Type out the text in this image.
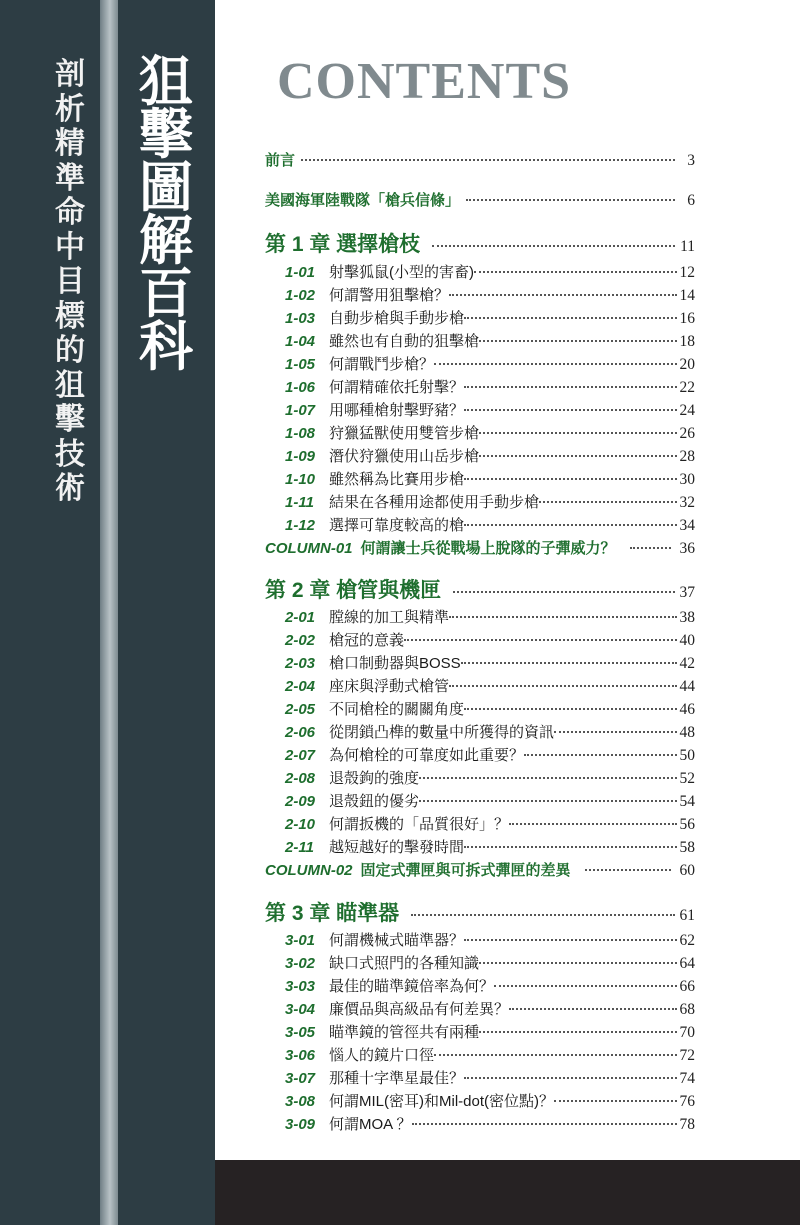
剖析精準命中目標的狙擊技術
狙擊圖解百科
CONTENTS
前言	3
美國海軍陸戰隊「槍兵信條」	6
第 1 章 選擇槍枝	11
1-01 射擊狐鼠(小型的害畜)	12
1-02 何謂警用狙擊槍？	14
1-03 自動步槍與手動步槍	16
1-04 雖然也有自動的狙擊槍	18
1-05 何謂戰鬥步槍？	20
1-06 何謂精確依托射擊？	22
1-07 用哪種槍射擊野豬？	24
1-08 狩獵猛獸使用雙管步槍	26
1-09 潛伏狩獵使用山岳步槍	28
1-10 雖然稱為比賽用步槍	30
1-11	結果在各種用途都使用手動步槍	32
1-12 選擇可靠度較高的槍	34
COLUMN-01 何謂讓士兵從戰場上脫隊的子彈威力？	36
第 2 章 槍管與機匣	37
2-01 膛線的加工與精準	38
2-02 槍冠的意義	40
2-03 槍口制動器與BOSS	42
2-04 座床與浮動式槍管	44
2-05 不同槍栓的關關角度	46
2-06 從閉鎖凸榫的數量中所獲得的資訊	48
2-07 為何槍栓的可靠度如此重要？	50
2-08 退殼鉤的強度	52
2-09 退殼鈕的優劣	54
2-10 何謂扳機的「品質很好」？	56
2-11	越短越好的擊發時間	58
COLUMN-02 固定式彈匣與可拆式彈匣的差異	60
第 3 章 瞄準器	61
3-01 何謂機械式瞄準器？	62
3-02 缺口式照門的各種知識	64
3-03 最佳的瞄準鏡倍率為何？	66
3-04 廉價品與高級品有何差異？	68
3-05 瞄準鏡的管徑共有兩種	70
3-06 惱人的鏡片口徑	72
3-07 那種十字準星最佳？	74
3-08 何謂MIL(密耳)和Mil-dot(密位點)？	76
3-09 何謂MOA ？	78
